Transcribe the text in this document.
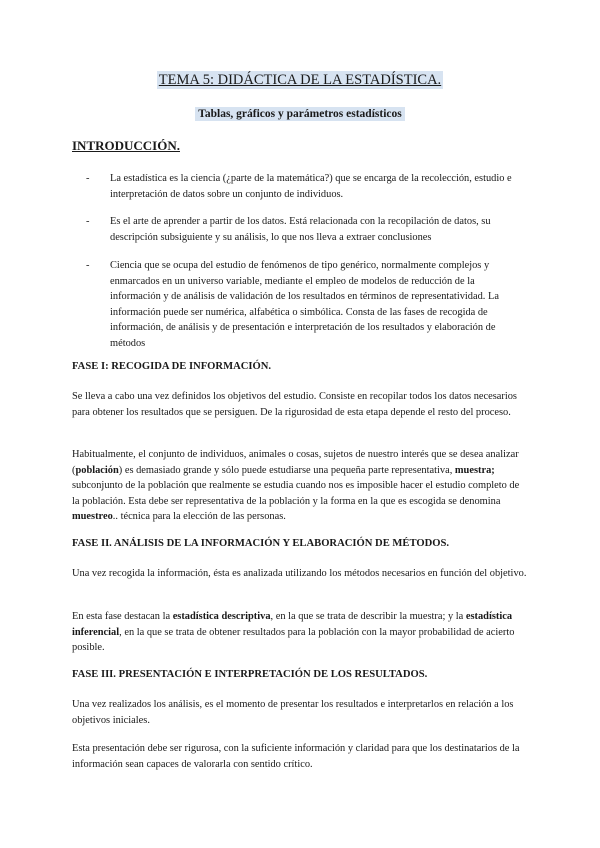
TEMA 5: DIDÁCTICA DE LA ESTADÍSTICA.
Tablas, gráficos y parámetros estadísticos
INTRODUCCIÓN.
- La estadística es la ciencia (¿parte de la matemática?) que se encarga de la recolección, estudio e interpretación de datos sobre un conjunto de individuos.
- Es el arte de aprender a partir de los datos. Está relacionada con la recopilación de datos, su descripción subsiguiente y su análisis, lo que nos lleva a extraer conclusiones
- Ciencia que se ocupa del estudio de fenómenos de tipo genérico, normalmente complejos y enmarcados en un universo variable, mediante el empleo de modelos de reducción de la información y de análisis de validación de los resultados en términos de representatividad. La información puede ser numérica, alfabética o simbólica. Consta de las fases de recogida de información, de análisis y de presentación e interpretación de los resultados y elaboración de métodos
FASE I: RECOGIDA DE INFORMACIÓN.
Se lleva a cabo una vez definidos los objetivos del estudio. Consiste en recopilar todos los datos necesarios para obtener los resultados que se persiguen. De la rigurosidad de esta etapa depende el resto del proceso.
Habitualmente, el conjunto de individuos, animales o cosas, sujetos de nuestro interés que se desea analizar (población) es demasiado grande y sólo puede estudiarse una pequeña parte representativa, muestra; subconjunto de la población que realmente se estudia cuando nos es imposible hacer el estudio completo de la población. Esta debe ser representativa de la población y la forma en la que es escogida se denomina muestreo.. técnica para la elección de las personas.
FASE II. ANÁLISIS DE LA INFORMACIÓN Y ELABORACIÓN DE MÉTODOS.
Una vez recogida la información, ésta es analizada utilizando los métodos necesarios en función del objetivo.
En esta fase destacan la estadística descriptiva, en la que se trata de describir la muestra; y la estadística inferencial, en la que se trata de obtener resultados para la población con la mayor probabilidad de acierto posible.
FASE III. PRESENTACIÓN E INTERPRETACIÓN DE LOS RESULTADOS.
Una vez realizados los análisis, es el momento de presentar los resultados e interpretarlos en relación a los objetivos iniciales.
Esta presentación debe ser rigurosa, con la suficiente información y claridad para que los destinatarios de la información sean capaces de valorarla con sentido crítico.
